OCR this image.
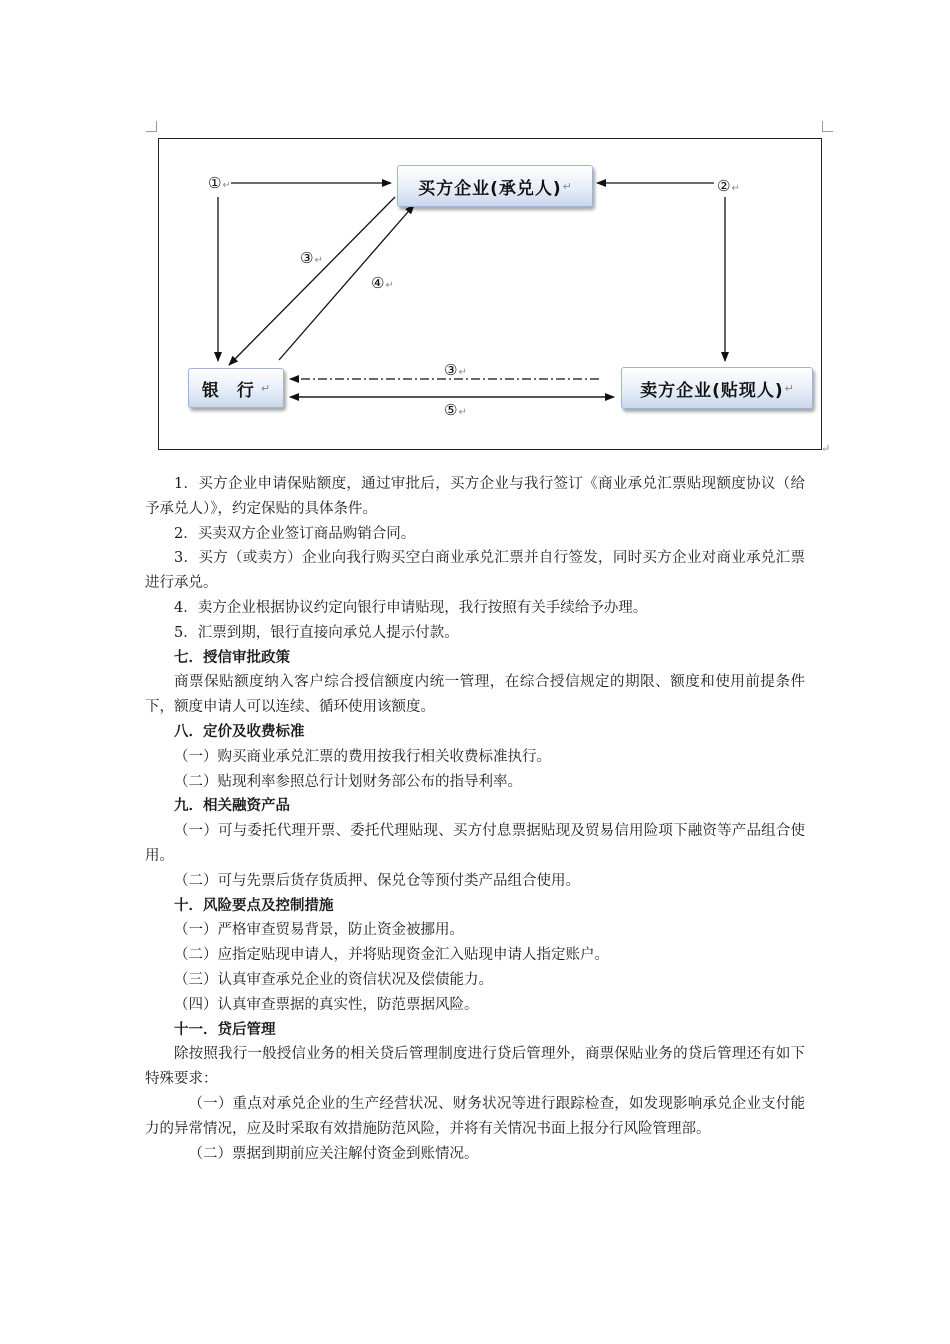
买方企业(承兑人) ↵
银 行 ↵	卖方企业(贴现人) ↵
①↵	②↵
③↵
④↵
③↵
⑤↵
↵

1．买方企业申请保贴额度，通过审批后，买方企业与我行签订《商业承兑汇票贴现额度协议（给予承兑人）》，约定保贴的具体条件。

2．买卖双方企业签订商品购销合同。

3．买方（或卖方）企业向我行购买空白商业承兑汇票并自行签发，同时买方企业对商业承兑汇票进行承兑。

4．卖方企业根据协议约定向银行申请贴现，我行按照有关手续给予办理。

5．汇票到期，银行直接向承兑人提示付款。

七．授信审批政策

商票保贴额度纳入客户综合授信额度内统一管理，在综合授信规定的期限、额度和使用前提条件下，额度申请人可以连续、循环使用该额度。

八．定价及收费标准

（一）购买商业承兑汇票的费用按我行相关收费标准执行。

（二）贴现利率参照总行计划财务部公布的指导利率。

九．相关融资产品

（一）可与委托代理开票、委托代理贴现、买方付息票据贴现及贸易信用险项下融资等产品组合使用。

（二）可与先票后货存货质押、保兑仓等预付类产品组合使用。

十．风险要点及控制措施

（一）严格审查贸易背景，防止资金被挪用。

（二）应指定贴现申请人，并将贴现资金汇入贴现申请人指定账户。

（三）认真审查承兑企业的资信状况及偿债能力。

（四）认真审查票据的真实性，防范票据风险。

十一．贷后管理

除按照我行一般授信业务的相关贷后管理制度进行贷后管理外，商票保贴业务的贷后管理还有如下特殊要求：

（一）重点对承兑企业的生产经营状况、财务状况等进行跟踪检查，如发现影响承兑企业支付能力的异常情况，应及时采取有效措施防范风险，并将有关情况书面上报分行风险管理部。

（二）票据到期前应关注解付资金到账情况。
